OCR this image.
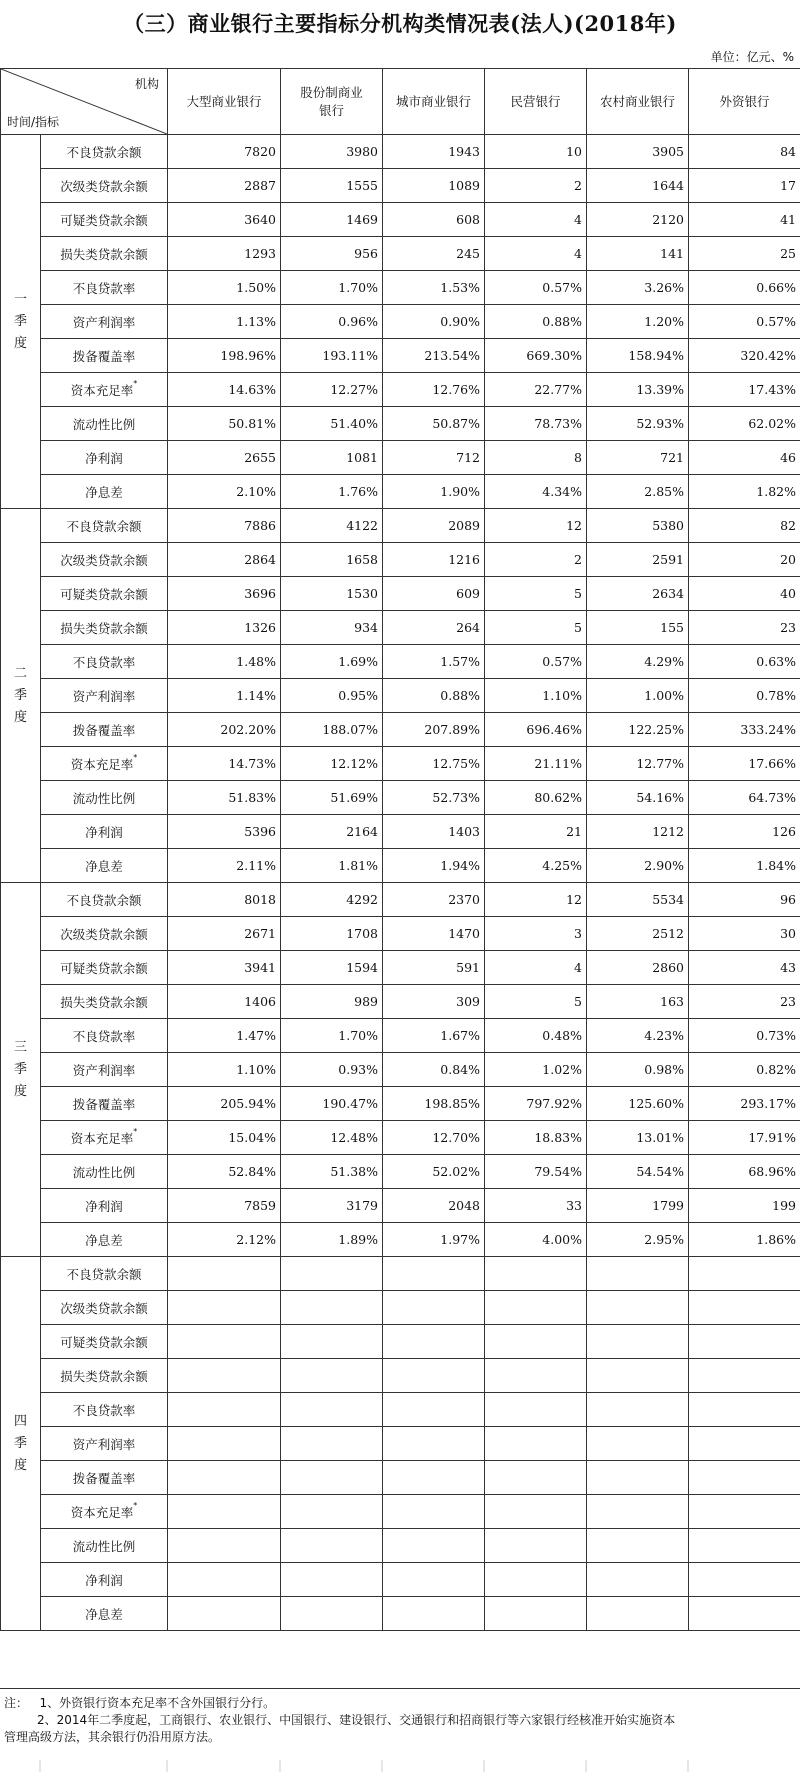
（三）商业银行主要指标分机构类情况表(法人)(2018年)
单位：亿元、%
机构
时间/指标		大型商业银行	股份制商业银行	城市商业银行	民营银行	农村商业银行	外资银行

一
季
度	不良贷款余额	7820	3980	1943	10	3905	84
	次级类贷款余额	2887	1555	1089	2	1644	17
	可疑类贷款余额	3640	1469	608	4	2120	41
	损失类贷款余额	1293	956	245	4	141	25
	不良贷款率	1.50%	1.70%	1.53%	0.57%	3.26%	0.66%
	资产利润率	1.13%	0.96%	0.90%	0.88%	1.20%	0.57%
	拨备覆盖率	198.96%	193.11%	213.54%	669.30%	158.94%	320.42%
	资本充足率*	14.63%	12.27%	12.76%	22.77%	13.39%	17.43%
	流动性比例	50.81%	51.40%	50.87%	78.73%	52.93%	62.02%
	净利润	2655	1081	712	8	721	46
	净息差	2.10%	1.76%	1.90%	4.34%	2.85%	1.82%

二
季
度	不良贷款余额	7886	4122	2089	12	5380	82
	次级类贷款余额	2864	1658	1216	2	2591	20
	可疑类贷款余额	3696	1530	609	5	2634	40
	损失类贷款余额	1326	934	264	5	155	23
	不良贷款率	1.48%	1.69%	1.57%	0.57%	4.29%	0.63%
	资产利润率	1.14%	0.95%	0.88%	1.10%	1.00%	0.78%
	拨备覆盖率	202.20%	188.07%	207.89%	696.46%	122.25%	333.24%
	资本充足率*	14.73%	12.12%	12.75%	21.11%	12.77%	17.66%
	流动性比例	51.83%	51.69%	52.73%	80.62%	54.16%	64.73%
	净利润	5396	2164	1403	21	1212	126
	净息差	2.11%	1.81%	1.94%	4.25%	2.90%	1.84%

三
季
度	不良贷款余额	8018	4292	2370	12	5534	96
	次级类贷款余额	2671	1708	1470	3	2512	30
	可疑类贷款余额	3941	1594	591	4	2860	43
	损失类贷款余额	1406	989	309	5	163	23
	不良贷款率	1.47%	1.70%	1.67%	0.48%	4.23%	0.73%
	资产利润率	1.10%	0.93%	0.84%	1.02%	0.98%	0.82%
	拨备覆盖率	205.94%	190.47%	198.85%	797.92%	125.60%	293.17%
	资本充足率*	15.04%	12.48%	12.70%	18.83%	13.01%	17.91%
	流动性比例	52.84%	51.38%	52.02%	79.54%	54.54%	68.96%
	净利润	7859	3179	2048	33	1799	199
	净息差	2.12%	1.89%	1.97%	4.00%	2.95%	1.86%

四
季
度	不良贷款余额						
	次级类贷款余额						
	可疑类贷款余额						
	损失类贷款余额						
	不良贷款率						
	资产利润率						
	拨备覆盖率						
	资本充足率*						
	流动性比例						
	净利润						
	净息差						
注： 1、外资银行资本充足率不含外国银行分行。
2、2014年二季度起，工商银行、农业银行、中国银行、建设银行、交通银行和招商银行等六家银行经核准开始实施资本
管理高级方法，其余银行仍沿用原方法。
